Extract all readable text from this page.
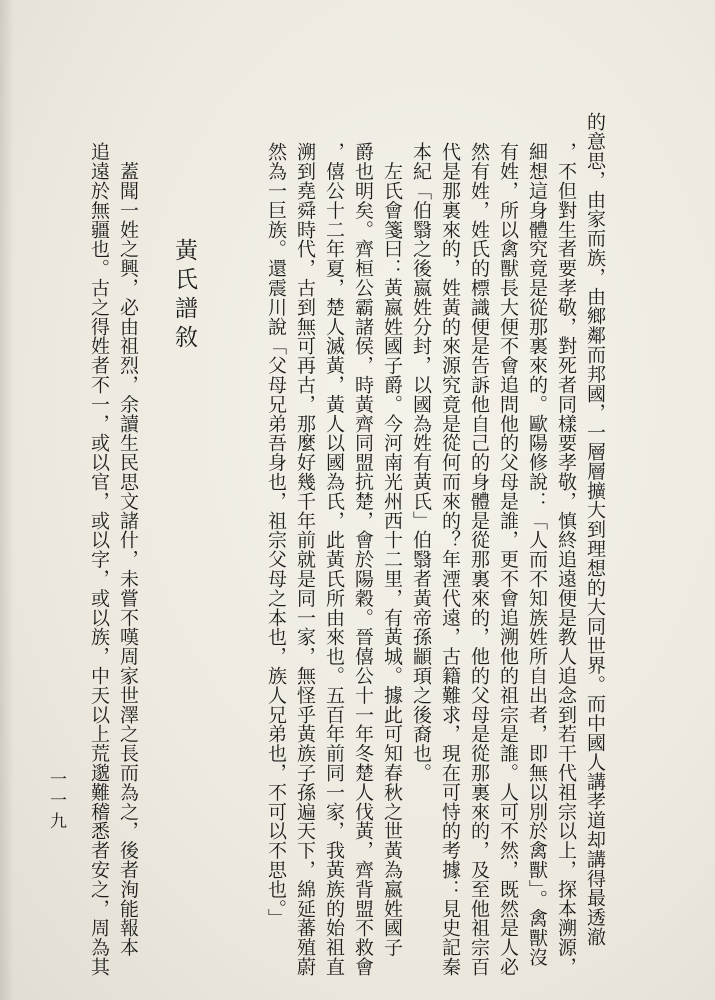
的意思，由家而族，由鄉鄰而邦國，一層層擴大到理想的大同世界。而中國人講孝道却講得最透澈
，不但對生者要孝敬，對死者同樣要孝敬，慎終追遠便是教人追念到若干代祖宗以上，探本溯源，
細想這身體究竟是從那裏來的。歐陽修說：「人而不知族姓所自出者，即無以別於禽獸」。禽獸沒
有姓，所以禽獸長大便不會追問他的父母是誰，更不會追溯他的祖宗是誰。人可不然，既然是人必
然有姓，姓氏的標識便是告訴他自己的身體是從那裏來的，他的父母是從那裏來的，及至他祖宗百
代是那裏來的，姓黃的來源究竟是從何而來的？年湮代遠，古籍難求，現在可恃的考據：見史記秦
本紀「伯翳之後嬴姓分封，以國為姓有黃氏」伯翳者黃帝孫顓頊之後裔也。
　左氏會箋曰：黃嬴姓國子爵。今河南光州西十二里，有黃城。據此可知春秋之世黃為嬴姓國子
爵也明矣。齊桓公霸諸侯，時黃齊同盟抗楚，會於陽穀。晉僖公十一年冬楚人伐黃，齊背盟不救會
，僖公十二年夏，楚人滅黃，黃人以國為氏，此黃氏所由來也。五百年前同一家，我黃族的始祖直
溯到堯舜時代，古到無可再古，那麼好幾千年前就是同一家，無怪乎黃族子孫遍天下，綿延蕃殖蔚
然為一巨族。還震川說「父母兄弟吾身也，祖宗父母之本也，族人兄弟也，不可以不思也。」
黃氏譜敘
　蓋聞一姓之興，必由祖烈，余讀生民思文諸什，未嘗不嘆周家世澤之長而為之，後者洵能報本
追遠於無疆也。古之得姓者不一，或以官，或以字，或以族，中天以上荒邈難稽悉者安之，周為其
一一九
